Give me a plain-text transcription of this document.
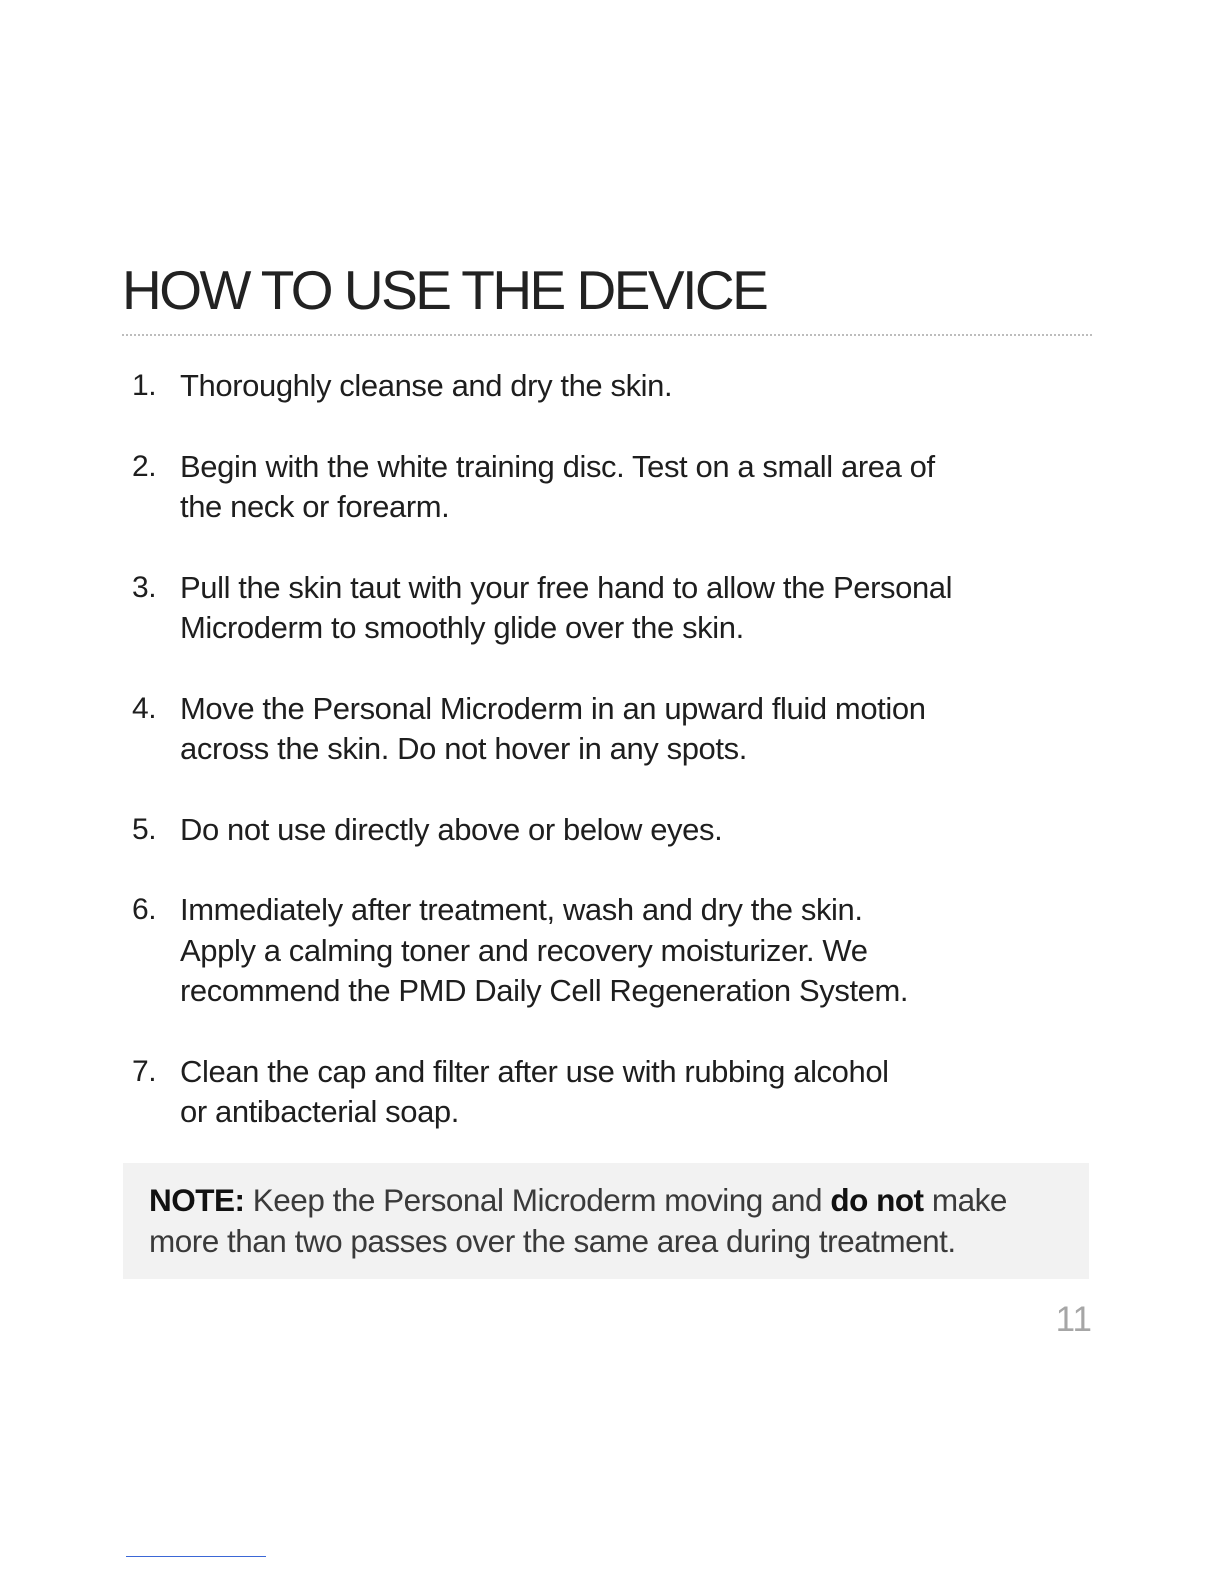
HOW TO USE THE DEVICE
1. Thoroughly cleanse and dry the skin.
2. Begin with the white training disc. Test on a small area of
the neck or forearm.
3. Pull the skin taut with your free hand to allow the Personal
Microderm to smoothly glide over the skin.
4. Move the Personal Microderm in an upward fluid motion
across the skin. Do not hover in any spots.
5. Do not use directly above or below eyes.
6. Immediately after treatment, wash and dry the skin.
Apply a calming toner and recovery moisturizer. We
recommend the PMD Daily Cell Regeneration System.
7. Clean the cap and filter after use with rubbing alcohol
or antibacterial soap.
NOTE: Keep the Personal Microderm moving and do not make
more than two passes over the same area during treatment.
11
